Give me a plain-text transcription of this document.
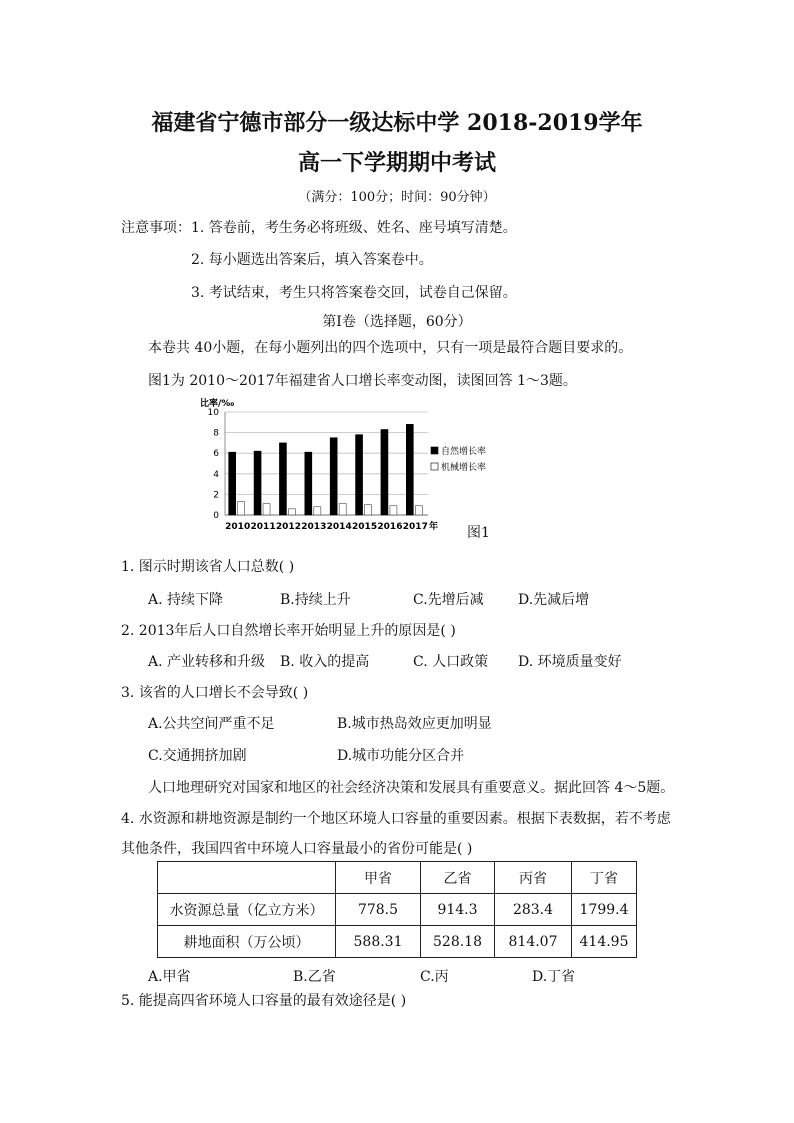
福建省宁德市部分一级达标中学 2018-2019学年
高一下学期期中考试
（满分：100分；时间：90分钟）
注意事项： 1. 答卷前，考生务必将班级、姓名、座号填写清楚。
2. 每小题选出答案后，填入答案卷中。
3. 考试结束，考生只将答案卷交回，试卷自己保留。
第Ⅰ卷（选择题，60分）
本卷共 40小题，在每小题列出的四个选项中，只有一项是最符合题目要求的。
图1为 2010～2017年福建省人口增长率变动图，读图回答 1～3题。
比率/‰
0
2
4
6
8
10
2010 2011 2012 2013 2014 2015 2016 2017 年
自然增长率
机械增长率
图1
1. 图示时期该省人口总数( )
A. 持续下降	B.持续上升	C.先增后减 D.先减后增
2. 2013年后人口自然增长率开始明显上升的原因是( )
A. 产业转移和升级 B. 收入的提高	C. 人口政策 D. 环境质量变好
3. 该省的人口增长不会导致( )
A.公共空间严重不足	B.城市热岛效应更加明显
C.交通拥挤加剧	D.城市功能分区合并
人口地理研究对国家和地区的社会经济决策和发展具有重要意义。据此回答 4～5题。
4. 水资源和耕地资源是制约一个地区环境人口容量的重要因素。根据下表数据，若不考虑
其他条件，我国四省中环境人口容量最小的省份可能是( )
	甲省	乙省	丙省	丁省
水资源总量（亿立方米）	778.5	914.3	283.4	1799.4
耕地面积（万公顷）	588.31	528.18	814.07	414.95
A.甲省	B.乙省	C.丙	D.丁省
5. 能提高四省环境人口容量的最有效途径是( )
